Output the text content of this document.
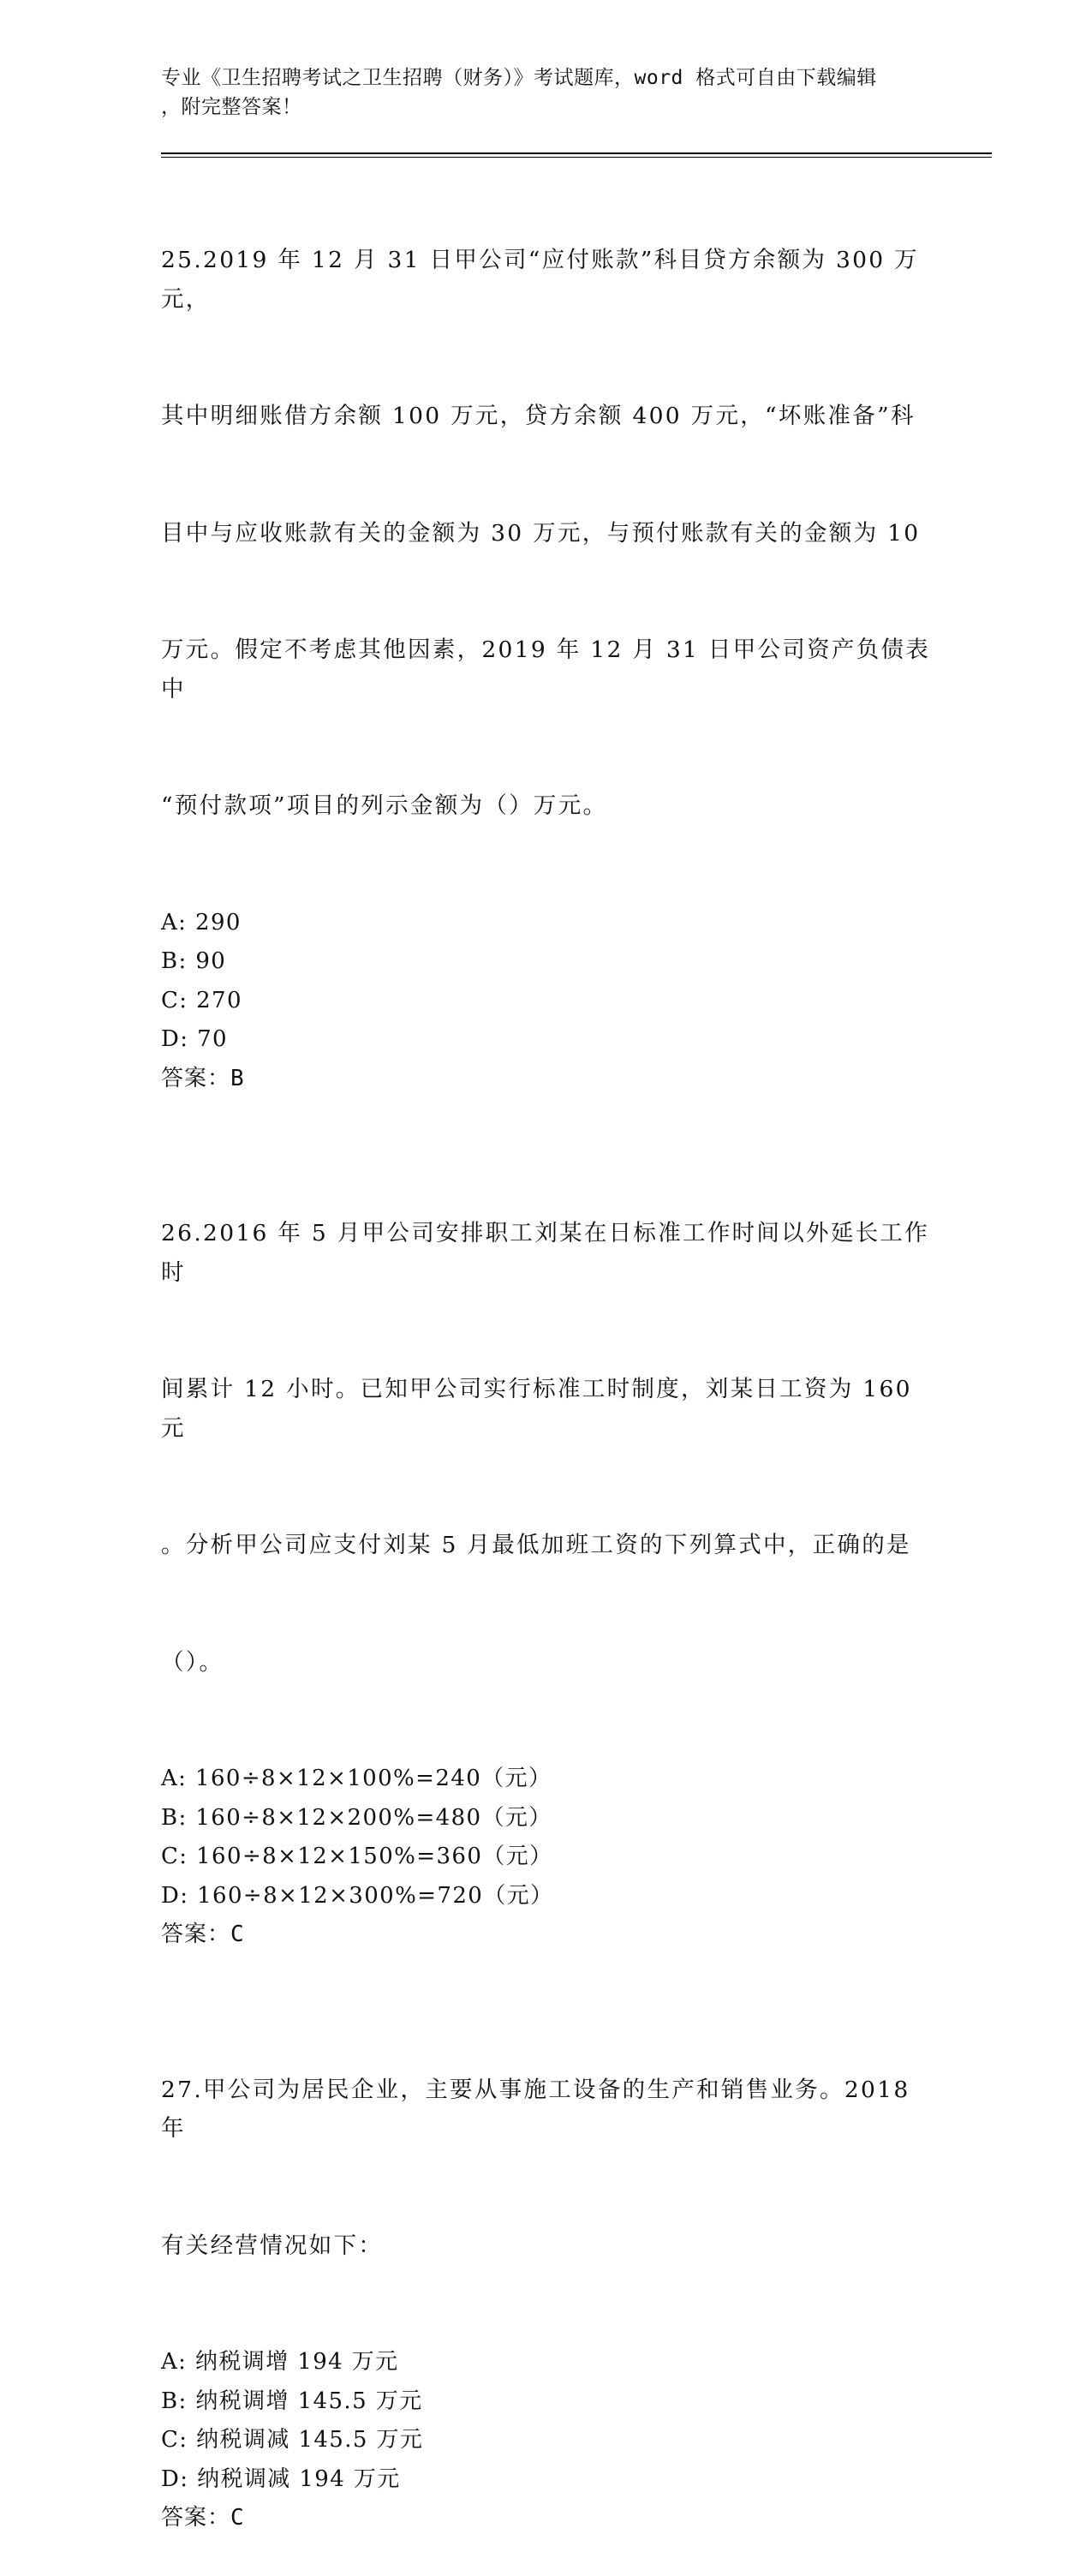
专业《卫生招聘考试之卫生招聘（财务）》考试题库，word 格式可自由下载编辑
，附完整答案！

25.2019 年 12 月 31 日甲公司“应付账款”科目贷方余额为 300 万元，

其中明细账借方余额 100 万元，贷方余额 400 万元，“坏账准备”科

目中与应收账款有关的金额为 30 万元，与预付账款有关的金额为 10

万元。假定不考虑其他因素，2019 年 12 月 31 日甲公司资产负债表中

“预付款项”项目的列示金额为（）万元。

A: 290
B: 90
C: 270
D: 70
答案：B

26.2016 年 5 月甲公司安排职工刘某在日标准工作时间以外延长工作时

间累计 12 小时。已知甲公司实行标准工时制度，刘某日工资为 160 元

。分析甲公司应支付刘某 5 月最低加班工资的下列算式中，正确的是

（）。

A: 160÷8×12×100%=240（元）
B: 160÷8×12×200%=480（元）
C: 160÷8×12×150%=360（元）
D: 160÷8×12×300%=720（元）
答案：C

27.甲公司为居民企业，主要从事施工设备的生产和销售业务。2018 年

有关经营情况如下：

A: 纳税调增 194 万元
B: 纳税调增 145.5 万元
C: 纳税调减 145.5 万元
D: 纳税调减 194 万元
答案：C
